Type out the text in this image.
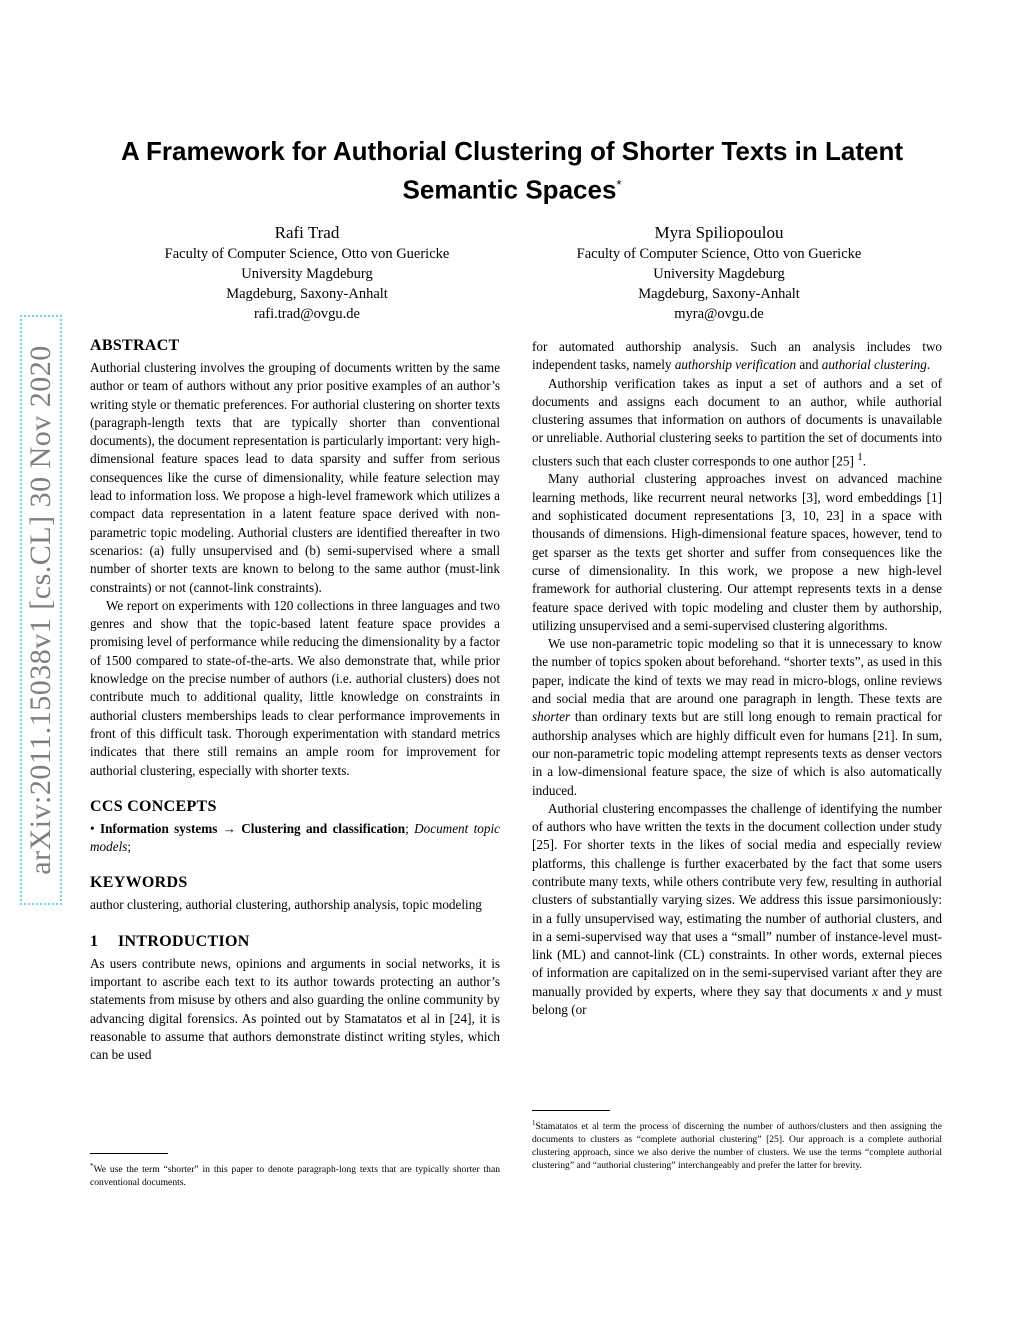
arXiv:2011.15038v1 [cs.CL] 30 Nov 2020
A Framework for Authorial Clustering of Shorter Texts in Latent
Semantic Spaces*
Rafi Trad
Faculty of Computer Science, Otto von Guericke
University Magdeburg
Magdeburg, Saxony-Anhalt
rafi.trad@ovgu.de
Myra Spiliopoulou
Faculty of Computer Science, Otto von Guericke
University Magdeburg
Magdeburg, Saxony-Anhalt
myra@ovgu.de
ABSTRACT

Authorial clustering involves the grouping of documents written by the same author or team of authors without any prior positive examples of an author’s writing style or thematic preferences. For authorial clustering on shorter texts (paragraph-length texts that are typically shorter than conventional documents), the document representation is particularly important: very high-dimensional feature spaces lead to data sparsity and suffer from serious consequences like the curse of dimensionality, while feature selection may lead to information loss. We propose a high-level framework which utilizes a compact data representation in a latent feature space derived with non-parametric topic modeling. Authorial clusters are identified thereafter in two scenarios: (a) fully unsupervised and (b) semi-supervised where a small number of shorter texts are known to belong to the same author (must-link constraints) or not (cannot-link constraints).

We report on experiments with 120 collections in three languages and two genres and show that the topic-based latent feature space provides a promising level of performance while reducing the dimensionality by a factor of 1500 compared to state-of-the-arts. We also demonstrate that, while prior knowledge on the precise number of authors (i.e. authorial clusters) does not contribute much to additional quality, little knowledge on constraints in authorial clusters memberships leads to clear performance improvements in front of this difficult task. Thorough experimentation with standard metrics indicates that there still remains an ample room for improvement for authorial clustering, especially with shorter texts.

CCS CONCEPTS

• Information systems → Clustering and classification; Document topic models;

KEYWORDS

author clustering, authorial clustering, authorship analysis, topic modeling

1 INTRODUCTION

As users contribute news, opinions and arguments in social networks, it is important to ascribe each text to its author towards protecting an author’s statements from misuse by others and also guarding the online community by advancing digital forensics. As pointed out by Stamatatos et al in [24], it is reasonable to assume that authors demonstrate distinct writing styles, which can be used

*We use the term “shorter” in this paper to denote paragraph-long texts that are typically shorter than conventional documents.

for automated authorship analysis. Such an analysis includes two independent tasks, namely authorship verification and authorial clustering.

Authorship verification takes as input a set of authors and a set of documents and assigns each document to an author, while authorial clustering assumes that information on authors of documents is unavailable or unreliable. Authorial clustering seeks to partition the set of documents into clusters such that each cluster corresponds to one author [25] $^1$.

Many authorial clustering approaches invest on advanced machine learning methods, like recurrent neural networks [3], word embeddings [1] and sophisticated document representations [3, 10, 23] in a space with thousands of dimensions. High-dimensional feature spaces, however, tend to get sparser as the texts get shorter and suffer from consequences like the curse of dimensionality. In this work, we propose a new high-level framework for authorial clustering. Our attempt represents texts in a dense feature space derived with topic modeling and cluster them by authorship, utilizing unsupervised and a semi-supervised clustering algorithms.

We use non-parametric topic modeling so that it is unnecessary to know the number of topics spoken about beforehand. “shorter texts”, as used in this paper, indicate the kind of texts we may read in micro-blogs, online reviews and social media that are around one paragraph in length. These texts are shorter than ordinary texts but are still long enough to remain practical for authorship analyses which are highly difficult even for humans [21]. In sum, our non-parametric topic modeling attempt represents texts as denser vectors in a low-dimensional feature space, the size of which is also automatically induced.

Authorial clustering encompasses the challenge of identifying the number of authors who have written the texts in the document collection under study [25]. For shorter texts in the likes of social media and especially review platforms, this challenge is further exacerbated by the fact that some users contribute many texts, while others contribute very few, resulting in authorial clusters of substantially varying sizes. We address this issue parsimoniously: in a fully unsupervised way, estimating the number of authorial clusters, and in a semi-supervised way that uses a “small” number of instance-level must-link (ML) and cannot-link (CL) constraints. In other words, external pieces of information are capitalized on in the semi-supervised variant after they are manually provided by experts, where they say that documents x and y must belong (or

$^1$Stamatatos et al term the process of discerning the number of authors/clusters and then assigning the documents to clusters as “complete authorial clustering” [25]. Our approach is a complete authorial clustering approach, since we also derive the number of clusters. We use the terms “complete authorial clustering” and “authorial clustering” interchangeably and prefer the latter for brevity.
